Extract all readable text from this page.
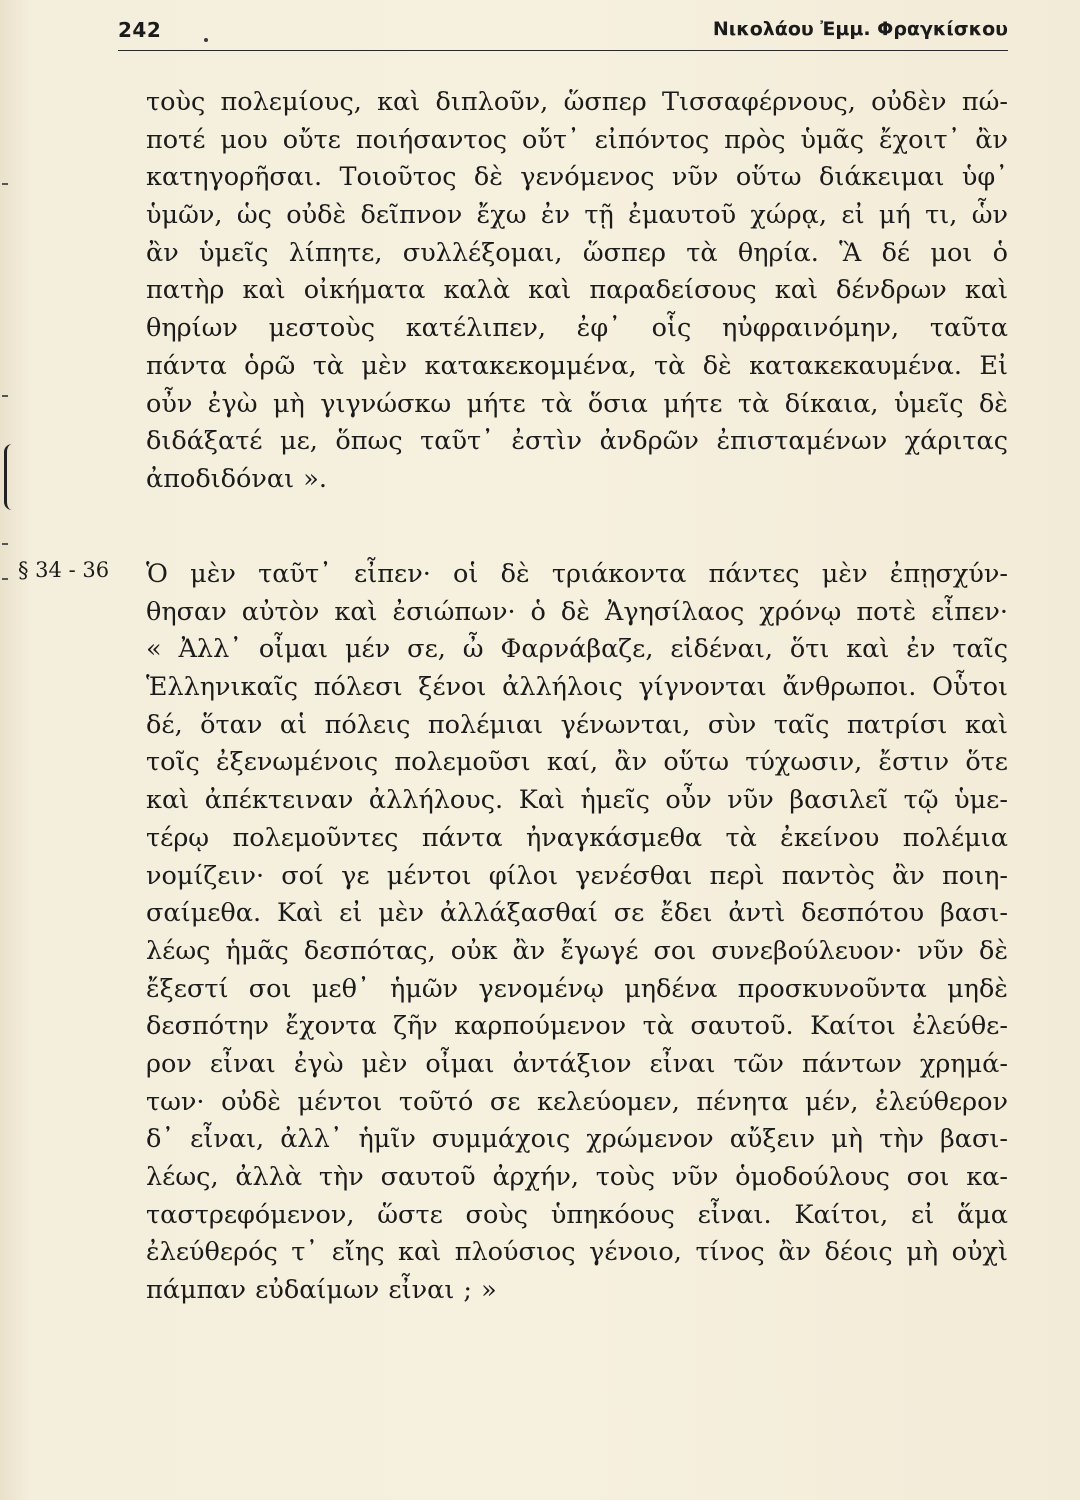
242	Νικολάου Ἐμμ. Φραγκίσκου
§ 34 - 36
τοὺς πολεμίους, καὶ διπλοῦν, ὥσπερ Τισσαφέρνους, οὐδὲν πώ-
ποτέ μου οὔτε ποιήσαντος οὔτ᾽ εἰπόντος πρὸς ὑμᾶς ἔχοιτ᾽ ἂν
κατηγορῆσαι. Τοιοῦτος δὲ γενόμενος νῦν οὕτω διάκειμαι ὑφ᾽
ὑμῶν, ὡς οὐδὲ δεῖπνον ἔχω ἐν τῇ ἐμαυτοῦ χώρᾳ, εἰ μή τι, ὧν
ἂν ὑμεῖς λίπητε, συλλέξομαι, ὥσπερ τὰ θηρία. Ἃ δέ μοι ὁ
πατὴρ καὶ οἰκήματα καλὰ καὶ παραδείσους καὶ δένδρων καὶ
θηρίων μεστοὺς κατέλιπεν, ἐφ᾽ οἷς ηὐφραινόμην, ταῦτα
πάντα ὁρῶ τὰ μὲν κατακεκομμένα, τὰ δὲ κατακεκαυμένα. Εἰ
οὖν ἐγὼ μὴ γιγνώσκω μήτε τὰ ὅσια μήτε τὰ δίκαια, ὑμεῖς δὲ
διδάξατέ με, ὅπως ταῦτ᾽ ἐστὶν ἀνδρῶν ἐπισταμένων χάριτας
ἀποδιδόναι ».
Ὁ μὲν ταῦτ᾽ εἶπεν· οἱ δὲ τριάκοντα πάντες μὲν ἐπῃσχύν-
θησαν αὐτὸν καὶ ἐσιώπων· ὁ δὲ Ἀγησίλαος χρόνῳ ποτὲ εἶπεν·
« Ἀλλ᾽ οἶμαι μέν σε, ὦ Φαρνάβαζε, εἰδέναι, ὅτι καὶ ἐν ταῖς
Ἑλληνικαῖς πόλεσι ξένοι ἀλλήλοις γίγνονται ἄνθρωποι. Οὗτοι
δέ, ὅταν αἱ πόλεις πολέμιαι γένωνται, σὺν ταῖς πατρίσι καὶ
τοῖς ἐξενωμένοις πολεμοῦσι καί, ἂν οὕτω τύχωσιν, ἔστιν ὅτε
καὶ ἀπέκτειναν ἀλλήλους. Καὶ ἡμεῖς οὖν νῦν βασιλεῖ τῷ ὑμε-
τέρῳ πολεμοῦντες πάντα ἠναγκάσμεθα τὰ ἐκείνου πολέμια
νομίζειν· σοί γε μέντοι φίλοι γενέσθαι περὶ παντὸς ἂν ποιη-
σαίμεθα. Καὶ εἰ μὲν ἀλλάξασθαί σε ἔδει ἀντὶ δεσπότου βασι-
λέως ἡμᾶς δεσπότας, οὐκ ἂν ἔγωγέ σοι συνεβούλευον· νῦν δὲ
ἔξεστί σοι μεθ᾽ ἡμῶν γενομένῳ μηδένα προσκυνοῦντα μηδὲ
δεσπότην ἔχοντα ζῆν καρπούμενον τὰ σαυτοῦ. Καίτοι ἐλεύθε-
ρον εἶναι ἐγὼ μὲν οἶμαι ἀντάξιον εἶναι τῶν πάντων χρημά-
των· οὐδὲ μέντοι τοῦτό σε κελεύομεν, πένητα μέν, ἐλεύθερον
δ᾽ εἶναι, ἀλλ᾽ ἡμῖν συμμάχοις χρώμενον αὔξειν μὴ τὴν βασι-
λέως, ἀλλὰ τὴν σαυτοῦ ἀρχήν, τοὺς νῦν ὁμοδούλους σοι κα-
ταστρεφόμενον, ὥστε σοὺς ὑπηκόους εἶναι. Καίτοι, εἰ ἅμα
ἐλεύθερός τ᾽ εἴης καὶ πλούσιος γένοιο, τίνος ἂν δέοις μὴ οὐχὶ
πάμπαν εὐδαίμων εἶναι ; »
